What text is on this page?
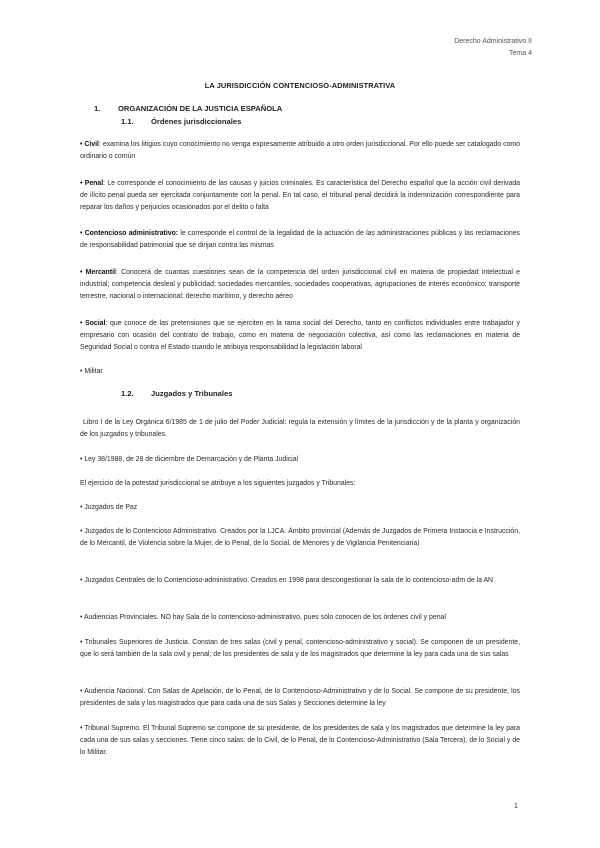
Derecho Administrativo II
Tema 4
LA JURISDICCIÓN CONTENCIOSO-ADMINISTRATIVA
1. ORGANIZACIÓN DE LA JUSTICIA ESPAÑOLA
1.1. Órdenes jurisdiccionales
• Civil: examina los litigios cuyo conocimiento no venga expresamente atribuido a otro orden jurisdiccional. Por ello puede ser catalogado como ordinario o común
• Penal: Le corresponde el conocimiento de las causas y juicios criminales. Es característica del Derecho español que la acción civil derivada de ilícito penal pueda ser ejercitada conjuntamente con la penal. En tal caso, el tribunal penal decidirá la indemnización correspondiente para reparar los daños y perjuicios ocasionados por el delito o falta
• Contencioso administrativo: le corresponde el control de la legalidad de la actuación de las administraciones públicas y las reclamaciones de responsabilidad patrimonial que se dirijan contra las mismas
• Mercantil: Conocerá de cuantas cuestiones sean de la competencia del orden jurisdiccional civil en materia de propiedad intelectual e industrial; competencia desleal y publicidad; sociedades mercantiles, sociedades cooperativas, agrupaciones de interés económico; transporte terrestre, nacional o internacional; derecho marítimo, y derecho aéreo
• Social: que conoce de las pretensiones que se ejerciten en la rama social del Derecho, tanto en conflictos individuales entre trabajador y empresario con ocasión del contrato de trabajo, como en materia de negociación colectiva, así como las reclamaciones en materia de Seguridad Social o contra el Estado cuando le atribuya responsabilidad la legislación laboral
• Militar
1.2. Juzgados y Tribunales
Libro I de la Ley Orgánica 6/1985 de 1 de julio del Poder Judicial: regula la extensión y límites de la jurisdicción y de la planta y organización de los juzgados y tribunales.
• Ley 38/1988, de 28 de diciembre de Demarcación y de Planta Judicial
El ejercicio de la potestad jurisdiccional se atribuye a los siguientes juzgados y Tribunales:
• Juzgados de Paz
• Juzgados de lo Contencioso Administrativo. Creados por la LJCA. Ámbito provincial (Además de Juzgados de Primera Instancia e Instrucción, de lo Mercantil, de Violencia sobre la Mujer, de lo Penal, de lo Social, de Menores y de Vigilancia Penitenciaria)
• Juzgados Centrales de lo Contencioso-administrativo. Creados en 1998 para descongestionar la sala de lo contencioso-adm de la AN
• Audiencias Provinciales. NO hay Sala de lo contencioso-administrativo, pues sólo conocen de los órdenes civil y penal
• Tribunales Superiores de Justicia. Constan de tres salas (civil y penal, contencioso-administrativo y social). Se componen de un presidente, que lo será también de la sala civil y penal; de los presidentes de sala y de los magistrados que determine la ley para cada una de sus salas
• Audiencia Nacional. Con Salas de Apelación, de lo Penal, de lo Contencioso-Administrativo y de lo Social. Se compone de su presidente, los presidentes de sala y los magistrados que para cada una de sus Salas y Secciones determine la ley
• Tribunal Supremo. El Tribunal Supremo se compone de su presidente, de los presidentes de sala y los magistrados que determine la ley para cada una de sus salas y secciones. Tiene cinco salas: de lo Civil, de lo Penal, de lo Contencioso-Administrativo (Sala Tercera), de lo Social y de lo Militar.
1
